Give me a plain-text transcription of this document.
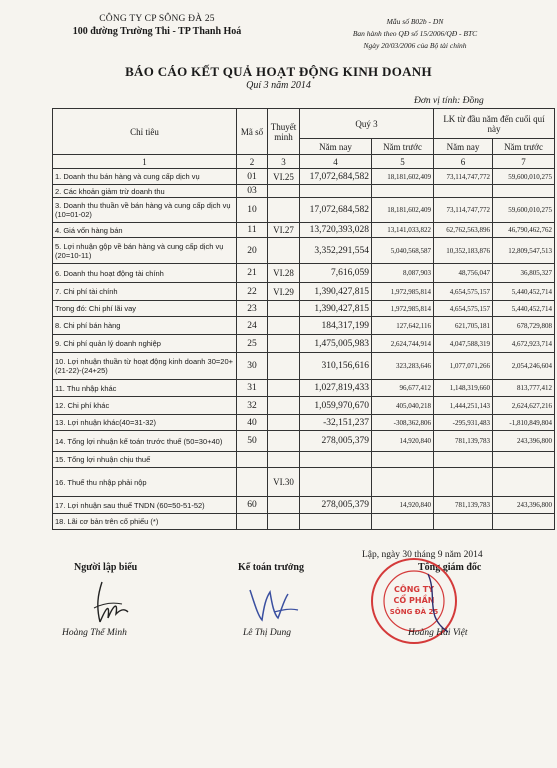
CÔNG TY CP SÔNG ĐÀ 25
100 đường Trường Thi - TP Thanh Hoá
Mẫu số B02b - DN
Ban hành theo QĐ số 15/2006/QĐ - BTC
Ngày 20/03/2006 của Bộ tài chính
BÁO CÁO KẾT QUẢ HOẠT ĐỘNG KINH DOANH
Quí 3 năm 2014
Đơn vị tính: Đồng
Chỉ tiêu	Mã số	Thuyết minh	Quý 3		LK từ đầu năm đến cuối quí này	
			Năm nay	Năm trước	Năm nay	Năm trước
1	2	3	4	5	6	7
1. Doanh thu bán hàng và cung cấp dịch vụ	01	VI.25	17,072,684,582	18,181,602,409	73,114,747,772	59,600,010,275
2. Các khoản giảm trừ doanh thu	03					
3. Doanh thu thuần về bán hàng và cung cấp dịch vụ (10=01-02)	10		17,072,684,582	18,181,602,409	73,114,747,772	59,600,010,275
4. Giá vốn hàng bán	11	VI.27	13,720,393,028	13,141,033,822	62,762,563,896	46,790,462,762
5. Lợi nhuận gộp về bán hàng và cung cấp dịch vụ (20=10-11)	20		3,352,291,554	5,040,568,587	10,352,183,876	12,809,547,513
6. Doanh thu hoạt động tài chính	21	VI.28	7,616,059	8,087,903	48,756,047	36,805,327
7. Chi phí tài chính	22	VI.29	1,390,427,815	1,972,985,814	4,654,575,157	5,440,452,714
Trong đó: Chi phí lãi vay	23		1,390,427,815	1,972,985,814	4,654,575,157	5,440,452,714
8. Chi phí bán hàng	24		184,317,199	127,642,116	621,705,181	678,729,808
9. Chi phí quản lý doanh nghiệp	25		1,475,005,983	2,624,744,914	4,047,588,319	4,672,923,714
10. Lợi nhuận thuần từ hoạt động kinh doanh 30=20+(21-22)-(24+25)	30		310,156,616	323,283,646	1,077,071,266	2,054,246,604
11. Thu nhập khác	31		1,027,819,433	96,677,412	1,148,319,660	813,777,412
12. Chi phí khác	32		1,059,970,670	405,040,218	1,444,251,143	2,624,627,216
13. Lợi nhuận khác(40=31-32)	40		-32,151,237	-308,362,806	-295,931,483	-1,810,849,804
14. Tổng lợi nhuận kế toán trước thuế (50=30+40)	50		278,005,379	14,920,840	781,139,783	243,396,800
15. Tổng lợi nhuận chịu thuế						
16. Thuế thu nhập phải nộp		VI.30				
17. Lợi nhuận sau thuế TNDN (60=50-51-52)	60		278,005,379	14,920,840	781,139,783	243,396,800
18. Lãi cơ bản trên cổ phiếu (*)						
Lập, ngày 30 tháng 9 năm 2014
Người lập biểu	Kế toán trưởng	Tổng giám đốc
CÔNG TY
CỔ PHẦN
SÔNG ĐÀ 25
Hoàng Thế Minh	Lê Thị Dung	Hoàng Hải Việt
